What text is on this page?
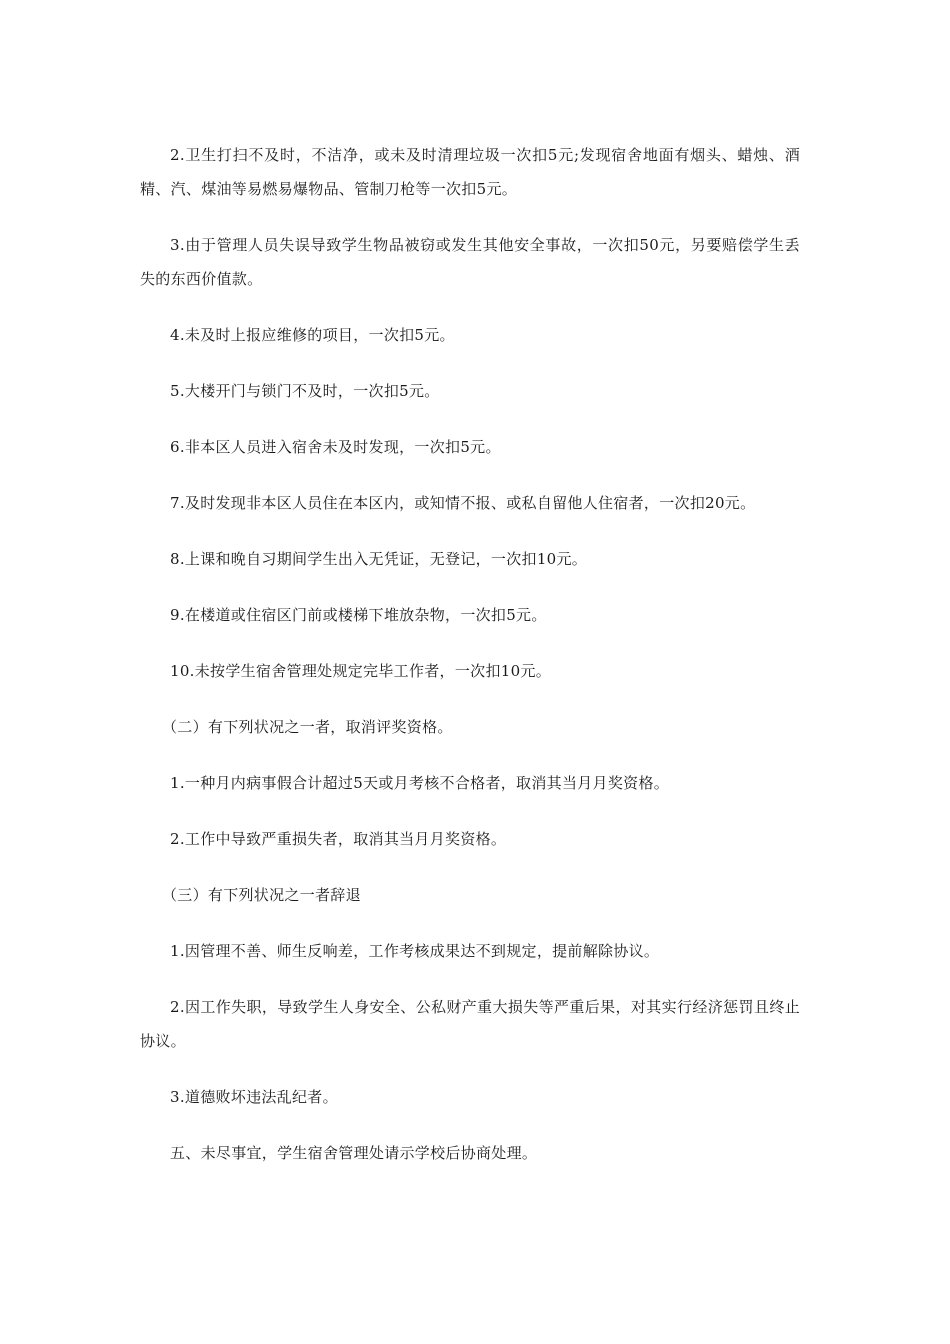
2.卫生打扫不及时，不洁净，或未及时清理垃圾一次扣5元;发现宿舍地面有烟头、蜡烛、酒精、汽、煤油等易燃易爆物品、管制刀枪等一次扣5元。

3.由于管理人员失误导致学生物品被窃或发生其他安全事故，一次扣50元，另要赔偿学生丢失的东西价值款。

4.未及时上报应维修的项目，一次扣5元。

5.大楼开门与锁门不及时，一次扣5元。

6.非本区人员进入宿舍未及时发现，一次扣5元。

7.及时发现非本区人员住在本区内，或知情不报、或私自留他人住宿者，一次扣20元。

8.上课和晚自习期间学生出入无凭证，无登记，一次扣10元。

9.在楼道或住宿区门前或楼梯下堆放杂物，一次扣5元。

10.未按学生宿舍管理处规定完毕工作者，一次扣10元。

（二）有下列状况之一者，取消评奖资格。

1.一种月内病事假合计超过5天或月考核不合格者，取消其当月月奖资格。

2.工作中导致严重损失者，取消其当月月奖资格。

（三）有下列状况之一者辞退

1.因管理不善、师生反响差，工作考核成果达不到规定，提前解除协议。

2.因工作失职，导致学生人身安全、公私财产重大损失等严重后果，对其实行经济惩罚且终止协议。

3.道德败坏违法乱纪者。

五、未尽事宜，学生宿舍管理处请示学校后协商处理。
